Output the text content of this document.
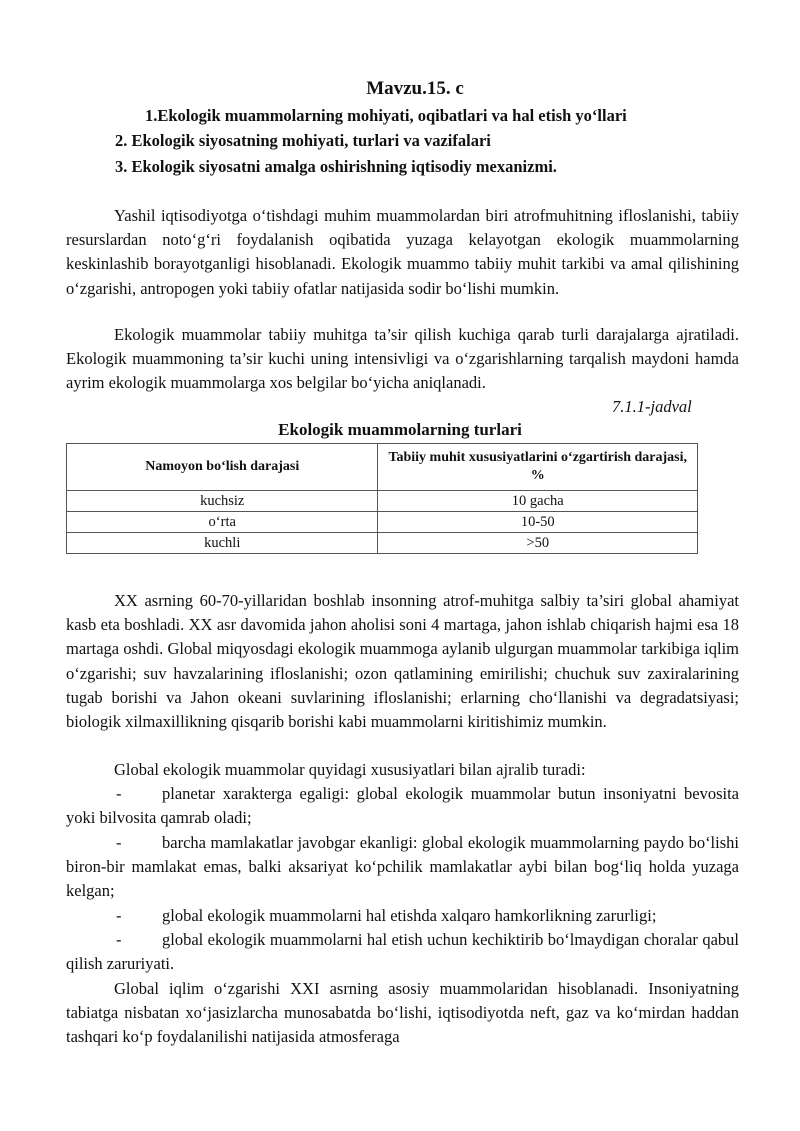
Mavzu.15. c
1.Ekologik muammolarning mohiyati, oqibatlari va hal etish yo‘llari
2. Ekologik siyosatning mohiyati, turlari va vazifalari
3. Ekologik siyosatni amalga oshirishning iqtisodiy mexanizmi.

Yashil iqtisodiyotga o‘tishdagi muhim muammolardan biri atrofmuhitning ifloslanishi, tabiiy resurslardan noto‘g‘ri foydalanish oqibatida yuzaga kelayotgan ekologik muammolarning keskinlashib borayotganligi hisoblanadi. Ekologik muammo tabiiy muhit tarkibi va amal qilishining o‘zgarishi, antropogen yoki tabiiy ofatlar natijasida sodir bo‘lishi mumkin.

Ekologik muammolar tabiiy muhitga ta’sir qilish kuchiga qarab turli darajalarga ajratiladi. Ekologik muammoning ta’sir kuchi uning intensivligi va o‘zgarishlarning tarqalish maydoni hamda ayrim ekologik muammolarga xos belgilar bo‘yicha aniqlanadi.

7.1.1-jadval
Ekologik muammolarning turlari
Namoyon bo‘lish darajasi	Tabiiy muhit xususiyatlarini o‘zgartirish darajasi, %
kuchsiz	10 gacha
o‘rta	10-50
kuchli	>50

XX asrning 60-70-yillaridan boshlab insonning atrof-muhitga salbiy ta’siri global ahamiyat kasb eta boshladi. XX asr davomida jahon aholisi soni 4 martaga, jahon ishlab chiqarish hajmi esa 18 martaga oshdi. Global miqyosdagi ekologik muammoga aylanib ulgurgan muammolar tarkibiga iqlim o‘zgarishi; suv havzalarining ifloslanishi; ozon qatlamining emirilishi; chuchuk suv zaxiralarining tugab borishi va Jahon okeani suvlarining ifloslanishi; erlarning cho‘llanishi va degradatsiyasi; biologik xilmaxillikning qisqarib borishi kabi muammolarni kiritishimiz mumkin.

Global ekologik muammolar quyidagi xususiyatlari bilan ajralib turadi:

- planetar xarakterga egaligi: global ekologik muammolar butun insoniyatni bevosita yoki bilvosita qamrab oladi;

- barcha mamlakatlar javobgar ekanligi: global ekologik muammolarning paydo bo‘lishi biron-bir mamlakat emas, balki aksariyat ko‘pchilik mamlakatlar aybi bilan bog‘liq holda yuzaga kelgan;

- global ekologik muammolarni hal etishda xalqaro hamkorlikning zarurligi;

- global ekologik muammolarni hal etish uchun kechiktirib bo‘lmaydigan choralar qabul qilish zaruriyati.

Global iqlim o‘zgarishi XXI asrning asosiy muammolaridan hisoblanadi. Insoniyatning tabiatga nisbatan xo‘jasizlarcha munosabatda bo‘lishi, iqtisodiyotda neft, gaz va ko‘mirdan haddan tashqari ko‘p foydalanilishi natijasida atmosferaga
